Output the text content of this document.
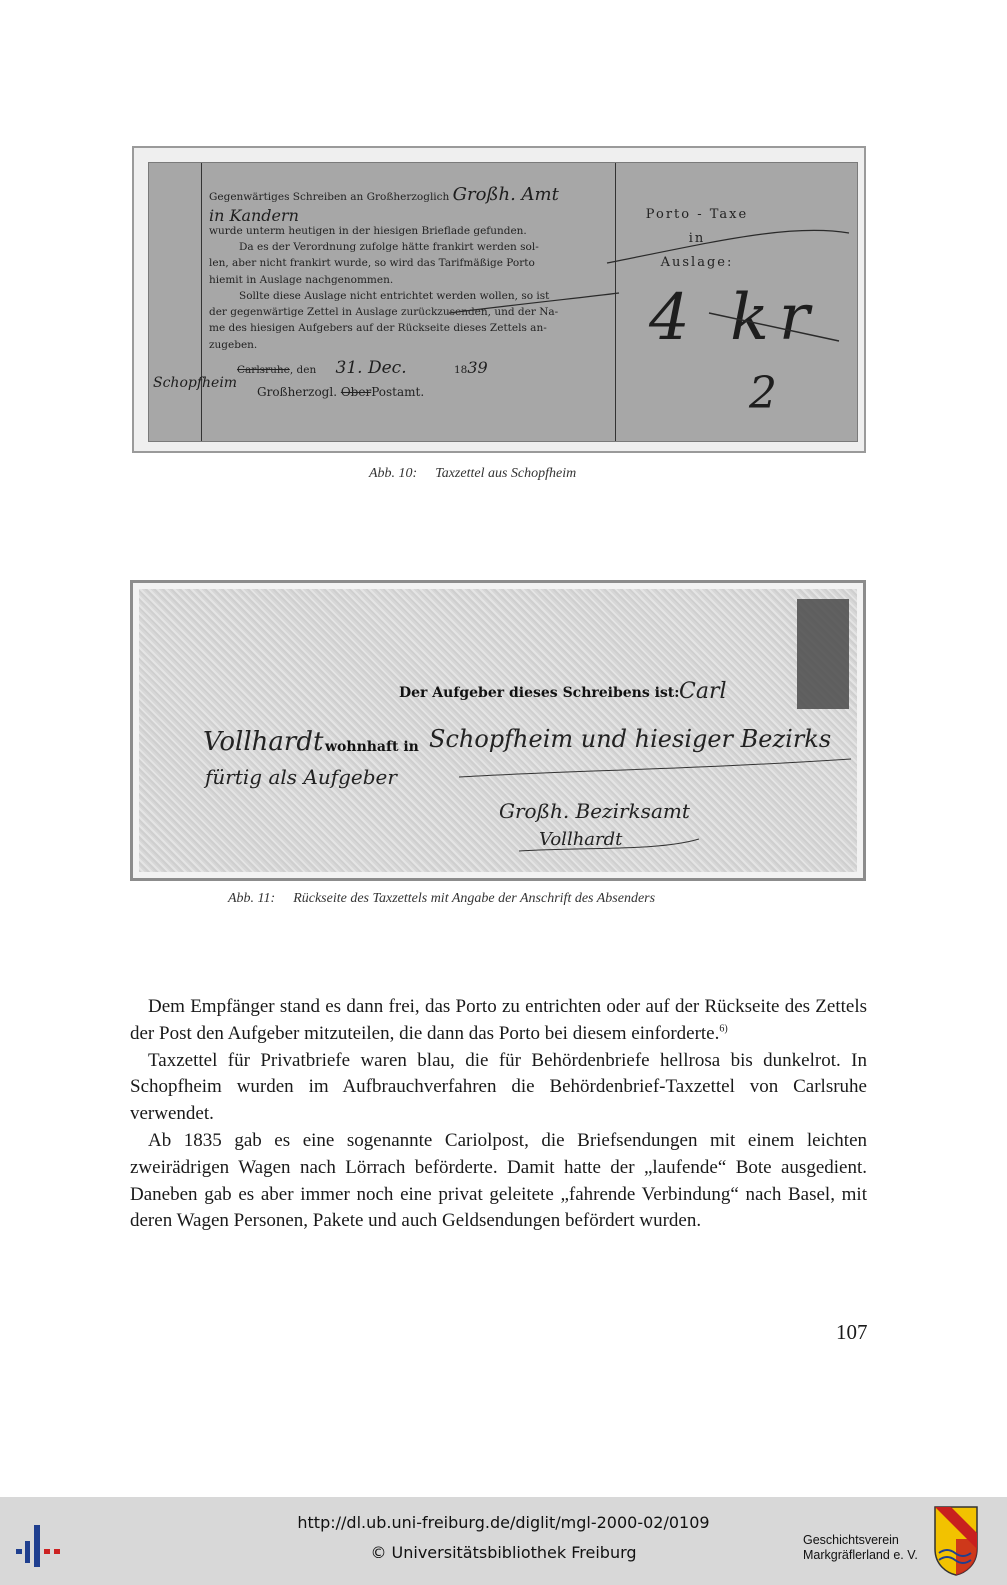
Gegenwärtiges Schreiben an Großherzoglich Großh. Amt
in Kandern
wurde unterm heutigen in der hiesigen Brieflade gefunden.
Da es der Verordnung zufolge hätte frankirt werden sol-
len, aber nicht frankirt wurde, so wird das Tarifmäßige Porto
hiemit in Auslage nachgenommen.
Sollte diese Auslage nicht entrichtet werden wollen, so ist
der gegenwärtige Zettel in Auslage zurückzusenden, und der Na-
me des hiesigen Aufgebers auf der Rückseite dieses Zettels an-
zugeben.
Carlsruhe, den 31. Dec.	1839
Großherzogl. OberPostamt.
Schopfheim
Porto - Taxe
in
Auslage:
4 kr
2
Abb. 10: Taxzettel aus Schopfheim
Der Aufgeber dieses Schreibens ist: Carl
Vollhardt wohnhaft in Schopfheim und hiesiger Bezirks
fürtig als Aufgeber
Großh. Bezirksamt
Vollhardt
Abb. 11: Rückseite des Taxzettels mit Angabe der Anschrift des Absenders

Dem Empfänger stand es dann frei, das Porto zu entrichten oder auf der Rückseite des Zettels der Post den Aufgeber mitzuteilen, die dann das Porto bei diesem einforderte.$^{6)}$

Taxzettel für Privatbriefe waren blau, die für Behördenbriefe hellrosa bis dunkelrot. In Schopfheim wurden im Aufbrauchverfahren die Behördenbrief-Taxzettel von Carlsruhe verwendet.

Ab 1835 gab es eine sogenannte Cariolpost, die Briefsendungen mit einem leichten zweirädrigen Wagen nach Lörrach beförderte. Damit hatte der „laufende“ Bote ausgedient. Daneben gab es aber immer noch eine privat geleitete „fahrende Verbindung“ nach Basel, mit deren Wagen Personen, Pakete und auch Geldsendungen befördert wurden.

107
http://dl.ub.uni-freiburg.de/diglit/mgl-2000-02/0109
© Universitätsbibliothek Freiburg
Geschichtsverein
Markgräflerland e. V.
